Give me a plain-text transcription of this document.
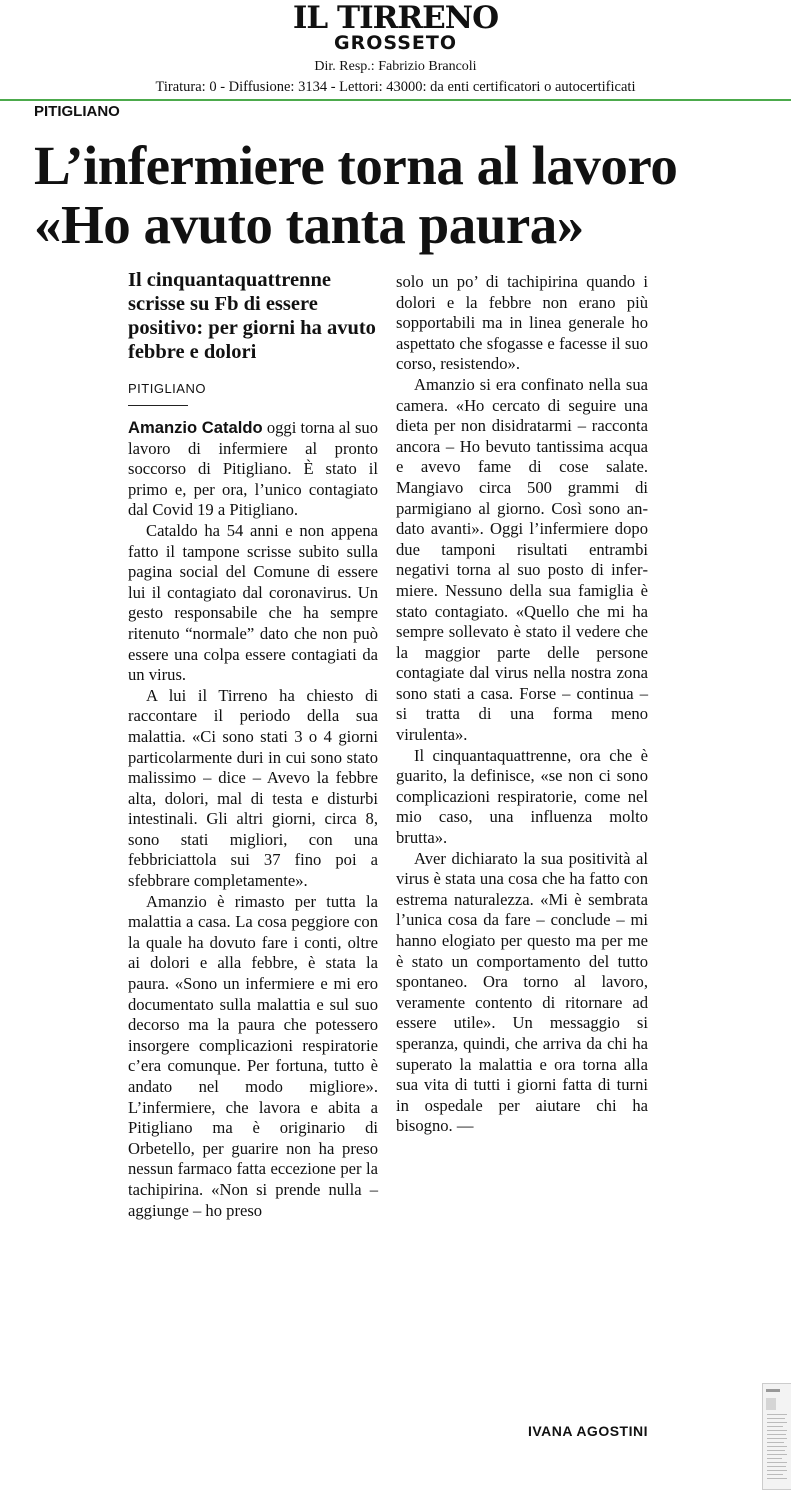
IL TIRRENO
GROSSETO
Dir. Resp.: Fabrizio Brancoli
Tiratura: 0 - Diffusione: 3134 - Lettori: 43000: da enti certificatori o autocertificati
PITIGLIANO
L’infermiere torna al lavoro «Ho avuto tanta paura»
Il cinquantaquattrenne scrisse su Fb di essere positivo: per giorni ha avuto febbre e dolori
PITIGLIANO

Amanzio Cataldo oggi torna al suo lavoro di infermiere al pronto soccorso di Pitigliano. È stato il primo e, per ora, l’unico contagiato dal Covid 19 a Pitigliano.

Cataldo ha 54 anni e non appena fatto il tampone scrisse subito sulla pagina social del Comune di essere lui il contagiato dal coronavirus. Un gesto responsabile che ha sempre ritenuto “normale” dato che non può essere una colpa essere contagiati da un virus.

A lui il Tirreno ha chiesto di raccontare il periodo della sua malattia. «Ci sono stati 3 o 4 giorni particolarmente duri in cui sono stato malissimo – dice – Avevo la febbre alta, dolori, mal di testa e disturbi intestinali. Gli altri giorni, circa 8, sono stati migliori, con una febbriciattola sui 37 fino poi a sfebbrare completamente».

Amanzio è rimasto per tutta la malattia a casa. La cosa peggiore con la quale ha dovuto fare i conti, oltre ai dolori e alla febbre, è stata la paura. «Sono un infermiere e mi ero documentato sulla malattia e sul suo decorso ma la paura che potessero insorgere complicazioni respiratorie c’era comunque. Per fortuna, tutto è andato nel modo migliore». L’infermiere, che lavora e abita a Pitigliano ma è originario di Orbetello, per guarire non ha preso nessun farmaco fatta eccezione per la tachipirina. «Non si prende nulla – aggiunge – ho preso

solo un po’ di tachipirina quando i dolori e la febbre non erano più sopportabili ma in linea generale ho aspettato che sfogasse e facesse il suo corso, resistendo».

Amanzio si era confinato nella sua camera. «Ho cercato di seguire una dieta per non disidratarmi – racconta ancora – Ho bevuto tantissima acqua e avevo fame di cose salate. Mangiavo circa 500 grammi di parmigiano al giorno. Così sono andato avanti». Oggi l’infermiere dopo due tamponi risultati entrambi negativi torna al suo posto di infermiere. Nessuno della sua famiglia è stato contagiato. «Quello che mi ha sempre sollevato è stato il vedere che la maggior parte delle persone contagiate dal virus nella nostra zona sono stati a casa. Forse – continua – si tratta di una forma meno virulenta».

Il cinquantaquattrenne, ora che è guarito, la definisce, «se non ci sono complicazioni respiratorie, come nel mio caso, una influenza molto brutta».

Aver dichiarato la sua positività al virus è stata una cosa che ha fatto con estrema naturalezza. «Mi è sembrata l’unica cosa da fare – conclude – mi hanno elogiato per questo ma per me è stato un comportamento del tutto spontaneo. Ora torno al lavoro, veramente contento di ritornare ad essere utile». Un messaggio si speranza, quindi, che arriva da chi ha superato la malattia e ora torna alla sua vita di tutti i giorni fatta di turni in ospedale per aiutare chi ha bisogno. —

IVANA AGOSTINI
